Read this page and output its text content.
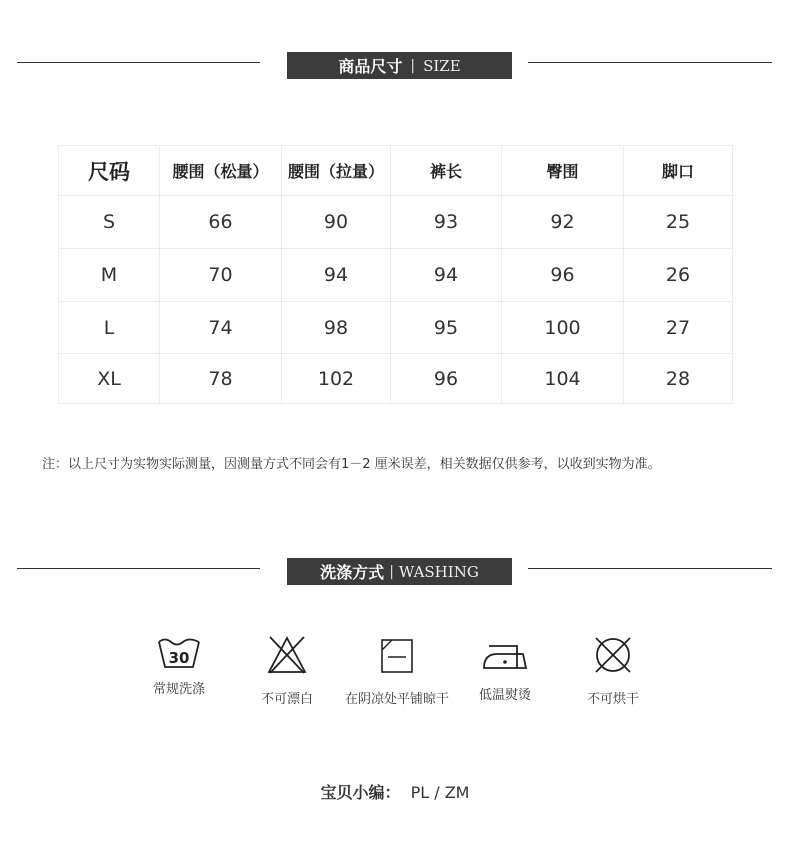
商品尺寸 | SIZE
尺码	腰围（松量）	腰围（拉量）	裤长	臀围	脚口
S	66	90	93	92	25
M	70	94	94	96	26
L	74	98	95	100	27
XL	78	102	96	104	28
注：以上尺寸为实物实际测量，因测量方式不同会有1－2 厘米误差，相关数据仅供参考，以收到实物为准。
洗涤方式 | WASHING
30
常规洗涤
不可漂白	在阴凉处平铺晾干	低温熨烫	不可烘干
宝贝小编： PL / ZM
